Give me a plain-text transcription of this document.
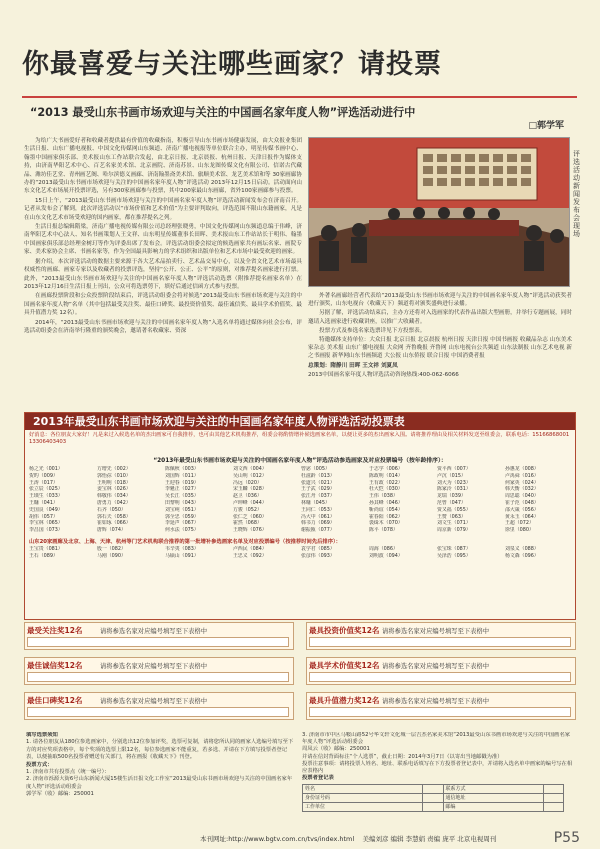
你最喜爱与关注哪些画家？请投票
“2013 最受山东书画市场欢迎与关注的中国画名家年度人物”评选活动进行中
□郭学军

为给广大书画爱好者和收藏者提供最有价值的收藏指南，积极引导山东书画市场健康发展，由大众报业集团生活日报、山东广播电视报、中国文化传媒网山东频道、济南广播电视报等单位联合主办，明星传媒书画中心、翰墨中国画家俱乐部、美术报山东工作站联合发起，由北京日报、北京晨报、杭州日报、天津日报作为媒体支持，由济南华阳艺术中心、百艺名家美术馆、北京画院、济南苏景、山东龙图传媒文化有限公司、信诺古代藏品、潍坊佳艺堂、青州画艺阁、哈尔滨德义画廊、济南翰墨斋美术馆、旅顺美术馆、龙艺美术馆和等 30家画廊协办的“2013最受山东书画市场欢迎与关注的中国画名家年度人物”评选活动 2013年12月15日启动。活动面向山东文化艺术市场展开投票评选，另有300家画廊参与投票，其中200家最山东画廊，省外100家画廊参与投票。

15日上午，“2013最受山东书画市场欢迎与关注的中国画名家年度人物”评选活动新闻发布会在济南召开。记者从发布会了解到，此次评选活动以“市场价值和艺术价值”为主要评判取向，评选范围不限山东籍画家，凡是在山东文化艺术市场受欢迎的国内画家，都在推荐提名之列。

生活日报总编辑隋梁，济南广播电视传媒有限公司总经理张晓勇，中国文化传媒网山东频道总编于伟峰，济南华阳艺术中心法人、知名书画策划人王文祥、山东明星传媒董事长田晖、美术报山东工作站站长于明伟、翰墨中国画家俱乐部总经理金树玎等作为评委出席了发布会。评选活动组委会拟定的候选画家共有画坛名家、画院专家、美术家协会主席、书画名家等，作为全国最具影响力的学术组织和出版单位和艺术市场中最受欢迎的画家。

据介绍，本次评选活动的数据主要来源于各大艺术品拍卖行、艺术品交易中心，以及全省文化艺术市场最具权威性的画廊、画家专家以及收藏者的投票评选，坚持“公开、公正、公平”的原则，对推荐提名画家进行打票。此外，“2013最受山东书画市场欢迎与关注的中国画名家年度人物”评选活动选票（附推荐提名画家名单）在2013年12月16日生活日报上刊出，公众可将选票剪下，填好后通过信函方式参与投票。

在画廊投票阶段和公众投票阶段结束后，评选活动组委会将对候选“2013最受山东书画市场欢迎与关注的中国画名家年度人物”名单（其中包括最受关注奖、最佳口碑奖、最投资价值奖、最佳诚信奖、最具学术价值奖、最具升值潜力奖 12名）。

2014年，“2013最受山东书画市场欢迎与关注的中国画名家年度人物”入选名单将通过媒体向社会公布，评选活动组委会在济南举行隆重的颁奖晚会，邀请著名收藏家、资深

评选活动新闻发布会现场

外著名画廊经营者代表给“2013最受山东书画市场欢迎与关注的中国画名家年度人物”评选活动获奖者进行颁奖，山东电视台（收藏天下）频道将对颁奖盛典进行录播。

另据了解，评选活动结束后，主办方还将对入选画家的代表作品出版大型画册，并举行专题画展，同时邀请入选画家进行收藏讲座，以推广大收藏者。

投票方式及参选名家选票详见下方投票表。

特邀媒体支持单位：大众日报 北京日报 北京晨报 杭州日报 天津日报 中国书画报 收藏品杂志 山东美术家杂志 美术报 山东广播电视报 大众网 齐鲁晚报 齐鲁网 山东电视台公共频道 山东法制报 山东艺术电视 新之书画报 新华网山东书画频道 大公报 山东侨报 联合日报 中国消费者报

总策划：隋静川 田晖 王文祥 刘夏凤

2013中国画名家年度人物评选活动咨询热线:400-062-6066

2013年最受山东书画市场欢迎与关注的中国画名家年度人物评选活动投票表
好消息：各位朋友大家好！凡是来过入候选名单的杰出画家可自我推荐，也可由其他艺术机构推荐，组委会将酌情增补候选画家名单，以便让更多的杰出画家入围。请将推荐理由及相关材料发送至组委会，联系电话：15166868001 13306403403
“2013年最受山东书画市场欢迎与关注的中国画名家年度人物”评选活动参选画家及对应投票编号（按年龄排序）：
杨之光（001）	方增先（002）	陈佩秋（003）	刘文西（004）	曾宓（005）	于志学（006）	贾平西（007）	孙惠龙（008）
贺旳（009）	郭怡孮（010）	刘国辉（011）	吴山明（012）	杜滋龄（013）	陈政明（014）	卢沉（015）	卢禹舜（016）
王涛（017）	王明明（018）	王迎春（019）	冯远（020）	张道兴（021）	王有政（022）	刘大为（023）	何家英（024）
张立辰（025）	姜宝林（026）	李魁正（027）	宋玉麟（028）	王子武（029）	杜大恺（030）	陈家泠（031）	韩天衡（032）
王璜生（033）	韩敬伟（034）	吴长江（035）	赵卫（036）	张江舟（037）	王伟（038）	龙瑞（039）	周思聪（040）
王镛（041）	唐勇力（042）	田黎明（043）	卢坤峰（044）	林墉（045）	孙其峰（046）	范曾（047）	崔子范（048）
史国良（049）	石齐（050）	刘宝纯（051）	方骏（052）	王同仁（053）	靳尚谊（054）	贾又福（055）	邵大箴（056）
胡伟（057）	郭石夫（058）	郭全忠（059）	张仁芝（060）	冯大中（061）	霍春阳（062）	王赞（063）	黄永玉（064）
李宝林（065）	崔如琢（066）	李延声（067）	霍然（068）	韩书力（069）	裘缉木（070）	刘文生（071）	王超（072）
李昌国（073）	唐辉（074）	何水法（075）	王晓辉（076）	谢振瓯（077）	陈平（078）	周京新（079）	徐里（080）
山东20家画廊及北京、上海、天津、杭州等门艺术机构联合推荐的第一批增补参选画家名单及对应投票编号（按推荐时间先后排序）：
王宝贵（081）	殷一（082）	韦辛夷（083）	卢西民（084）	袁学君（085）	周海（086）	张宝珠（087）	刘泉义（088）
王石（089）	马刚（090）	马硕山（091）	王忠义（092）	张彦伟（093）	刘明波（094）	吴泽浩（095）	杨文森（096）
最受关注奖12名	请将参选名家对应编号填写至下表格中	最具投资价值奖12名 请将参选名家对应编号填写至下表格中
最佳诚信奖12名	请将参选名家对应编号填写至下表格中	最具学术价值奖12名 请将参选名家对应编号填写至下表格中
最佳口碑奖12名	请将参选名家对应编号填写至下表格中	最具升值潜力奖12名 请将参选名家对应编号填写至下表格中
填写选票须知
1. 请各位朋友从180位参选画家中，分别选出12位参加评奖，选票可复制，请将您所认同的画家人选编号填写至下方的对应奖项表格中，每个奖项的选票上限12名，每位参选画家不能重复，若多选、并请在下方填写投票者登记表，以便抽取500名投票者赠送有关部门，将在画报《收藏天下》刊登。
投票方式：
1. 济南市共有投票点（统一编号）：
2. 济南市泺源大街6号山东新闻大厦15楼生活日报文化工作室“2013最受山东书画市场欢迎与关注的中国画名家年度人物”评选活动组委会
郭学军（收）邮编：250001
3. 济南市市中区马鞍山路52号华文轩文化城一层吉杰名家美术馆“2013最受山东书画市场欢迎与关注的中国画名家年度人物”评选活动组委会
周凤云（收）邮编：250001
并请在信封背面标注“个人选票”，截止日期：2014年3月7日（以寄出当地邮戳为准）
投票注意事项：请将投票人姓名、地址、联系电话填写在下方投票者登记表中，并请将入选名单中画家的编号写在相应表格内
投票者登记表
姓名		联系方式	
身份证号码		通信地址	
工作单位		邮编	
本刊网址:http://www.bgtv.com.cn/tvs/index.html 美编刘彦 编辑 李慧娟 责编 庞平 北京电视周刊	P55
